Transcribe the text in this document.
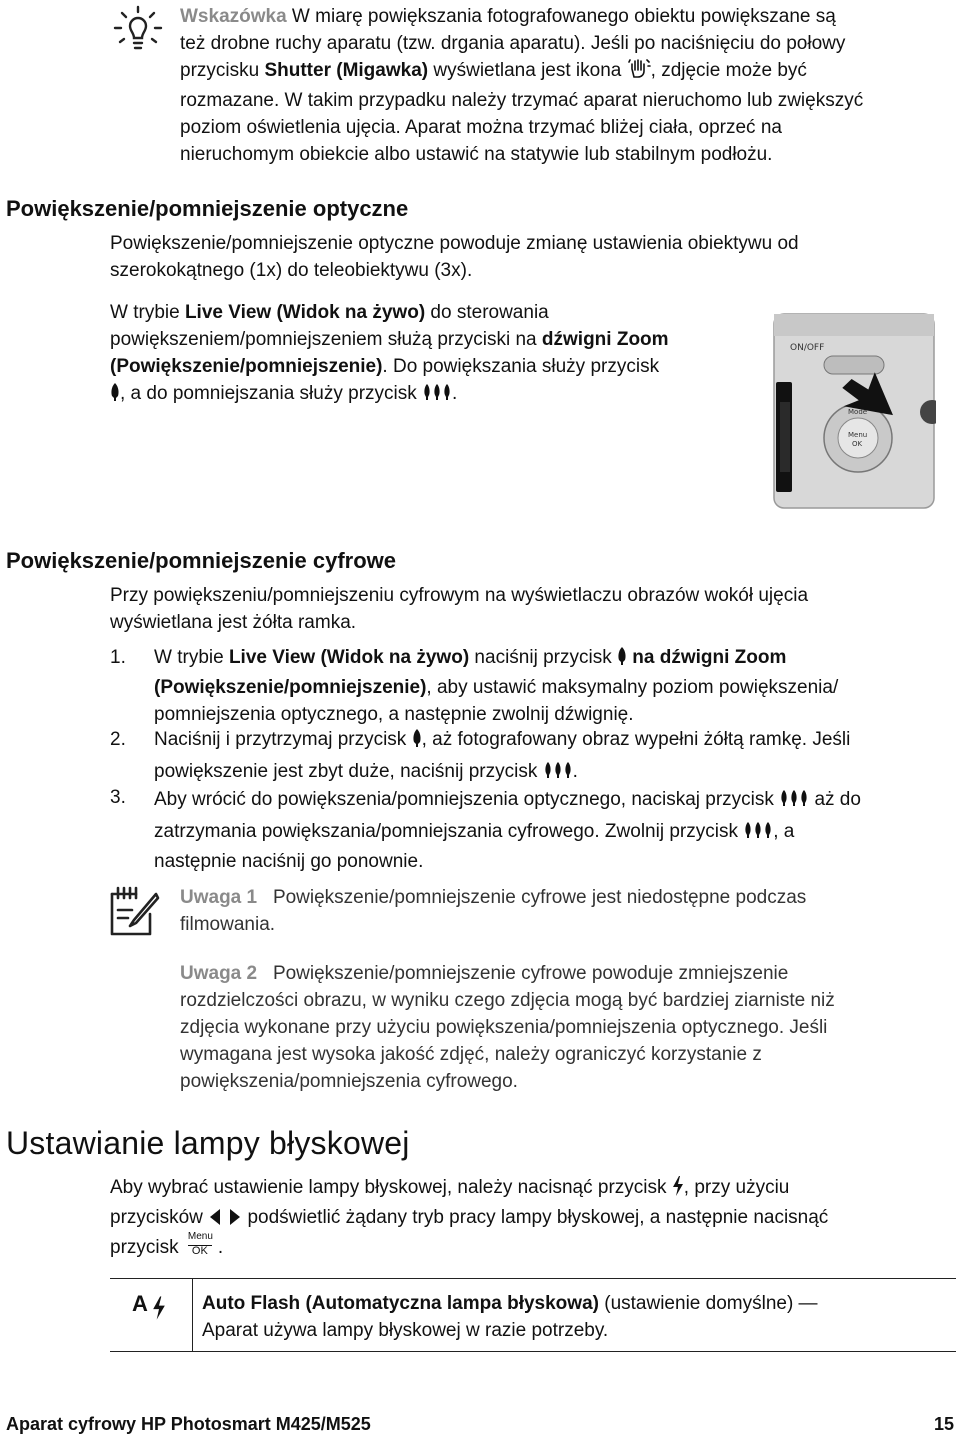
Wskazówka W miarę powiększania fotografowanego obiektu powiększane są

też drobne ruchy aparatu (tzw. drgania aparatu). Jeśli po naciśnięciu do połowy

przycisku Shutter (Migawka) wyświetlana jest ikona , zdjęcie może być

rozmazane. W takim przypadku należy trzymać aparat nieruchomo lub zwiększyć

poziom oświetlenia ujęcia. Aparat można trzymać bliżej ciała, oprzeć na

nieruchomym obiekcie albo ustawić na statywie lub stabilnym podłożu.

Powiększenie/pomniejszenie optyczne

Powiększenie/pomniejszenie optyczne powoduje zmianę ustawienia obiektywu od

szerokokątnego (1x) do teleobiektywu (3x).

W trybie Live View (Widok na żywo) do sterowania

powiększeniem/pomniejszeniem służą przyciski na dźwigni Zoom

(Powiększenie/pomniejszenie). Do powiększania służy przycisk

, a do pomniejszania służy przycisk .

ON/OFF
Mode
Menu
OK
Powiększenie/pomniejszenie cyfrowe

Przy powiększeniu/pomniejszeniu cyfrowym na wyświetlaczu obrazów wokół ujęcia

wyświetlana jest żółta ramka.

1. W trybie Live View (Widok na żywo) naciśnij przycisk  na dźwigni Zoom

(Powiększenie/pomniejszenie), aby ustawić maksymalny poziom powiększenia/

pomniejszenia optycznego, a następnie zwolnij dźwignię.

2. Naciśnij i przytrzymaj przycisk , aż fotografowany obraz wypełni żółtą ramkę. Jeśli

powiększenie jest zbyt duże, naciśnij przycisk .

3. Aby wrócić do powiększenia/pomniejszenia optycznego, naciskaj przycisk  aż do

zatrzymania powiększania/pomniejszania cyfrowego. Zwolnij przycisk , a

następnie naciśnij go ponownie.

Uwaga 1 Powiększenie/pomniejszenie cyfrowe jest niedostępne podczas

filmowania.

Uwaga 2 Powiększenie/pomniejszenie cyfrowe powoduje zmniejszenie

rozdzielczości obrazu, w wyniku czego zdjęcia mogą być bardziej ziarniste niż

zdjęcia wykonane przy użyciu powiększenia/pomniejszenia optycznego. Jeśli

wymagana jest wysoka jakość zdjęć, należy ograniczyć korzystanie z

powiększenia/pomniejszenia cyfrowego.

Ustawianie lampy błyskowej

Aby wybrać ustawienie lampy błyskowej, należy nacisnąć przycisk , przy użyciu

przycisków  podświetlić żądany tryb pracy lampy błyskowej, a następnie nacisnąć

przycisk
Menu
OK .

A	Auto Flash (Automatyczna lampa błyskowa) (ustawienie domyślne) —

Aparat używa lampy błyskowej w razie potrzeby.

Aparat cyfrowy HP Photosmart M425/M525	15
